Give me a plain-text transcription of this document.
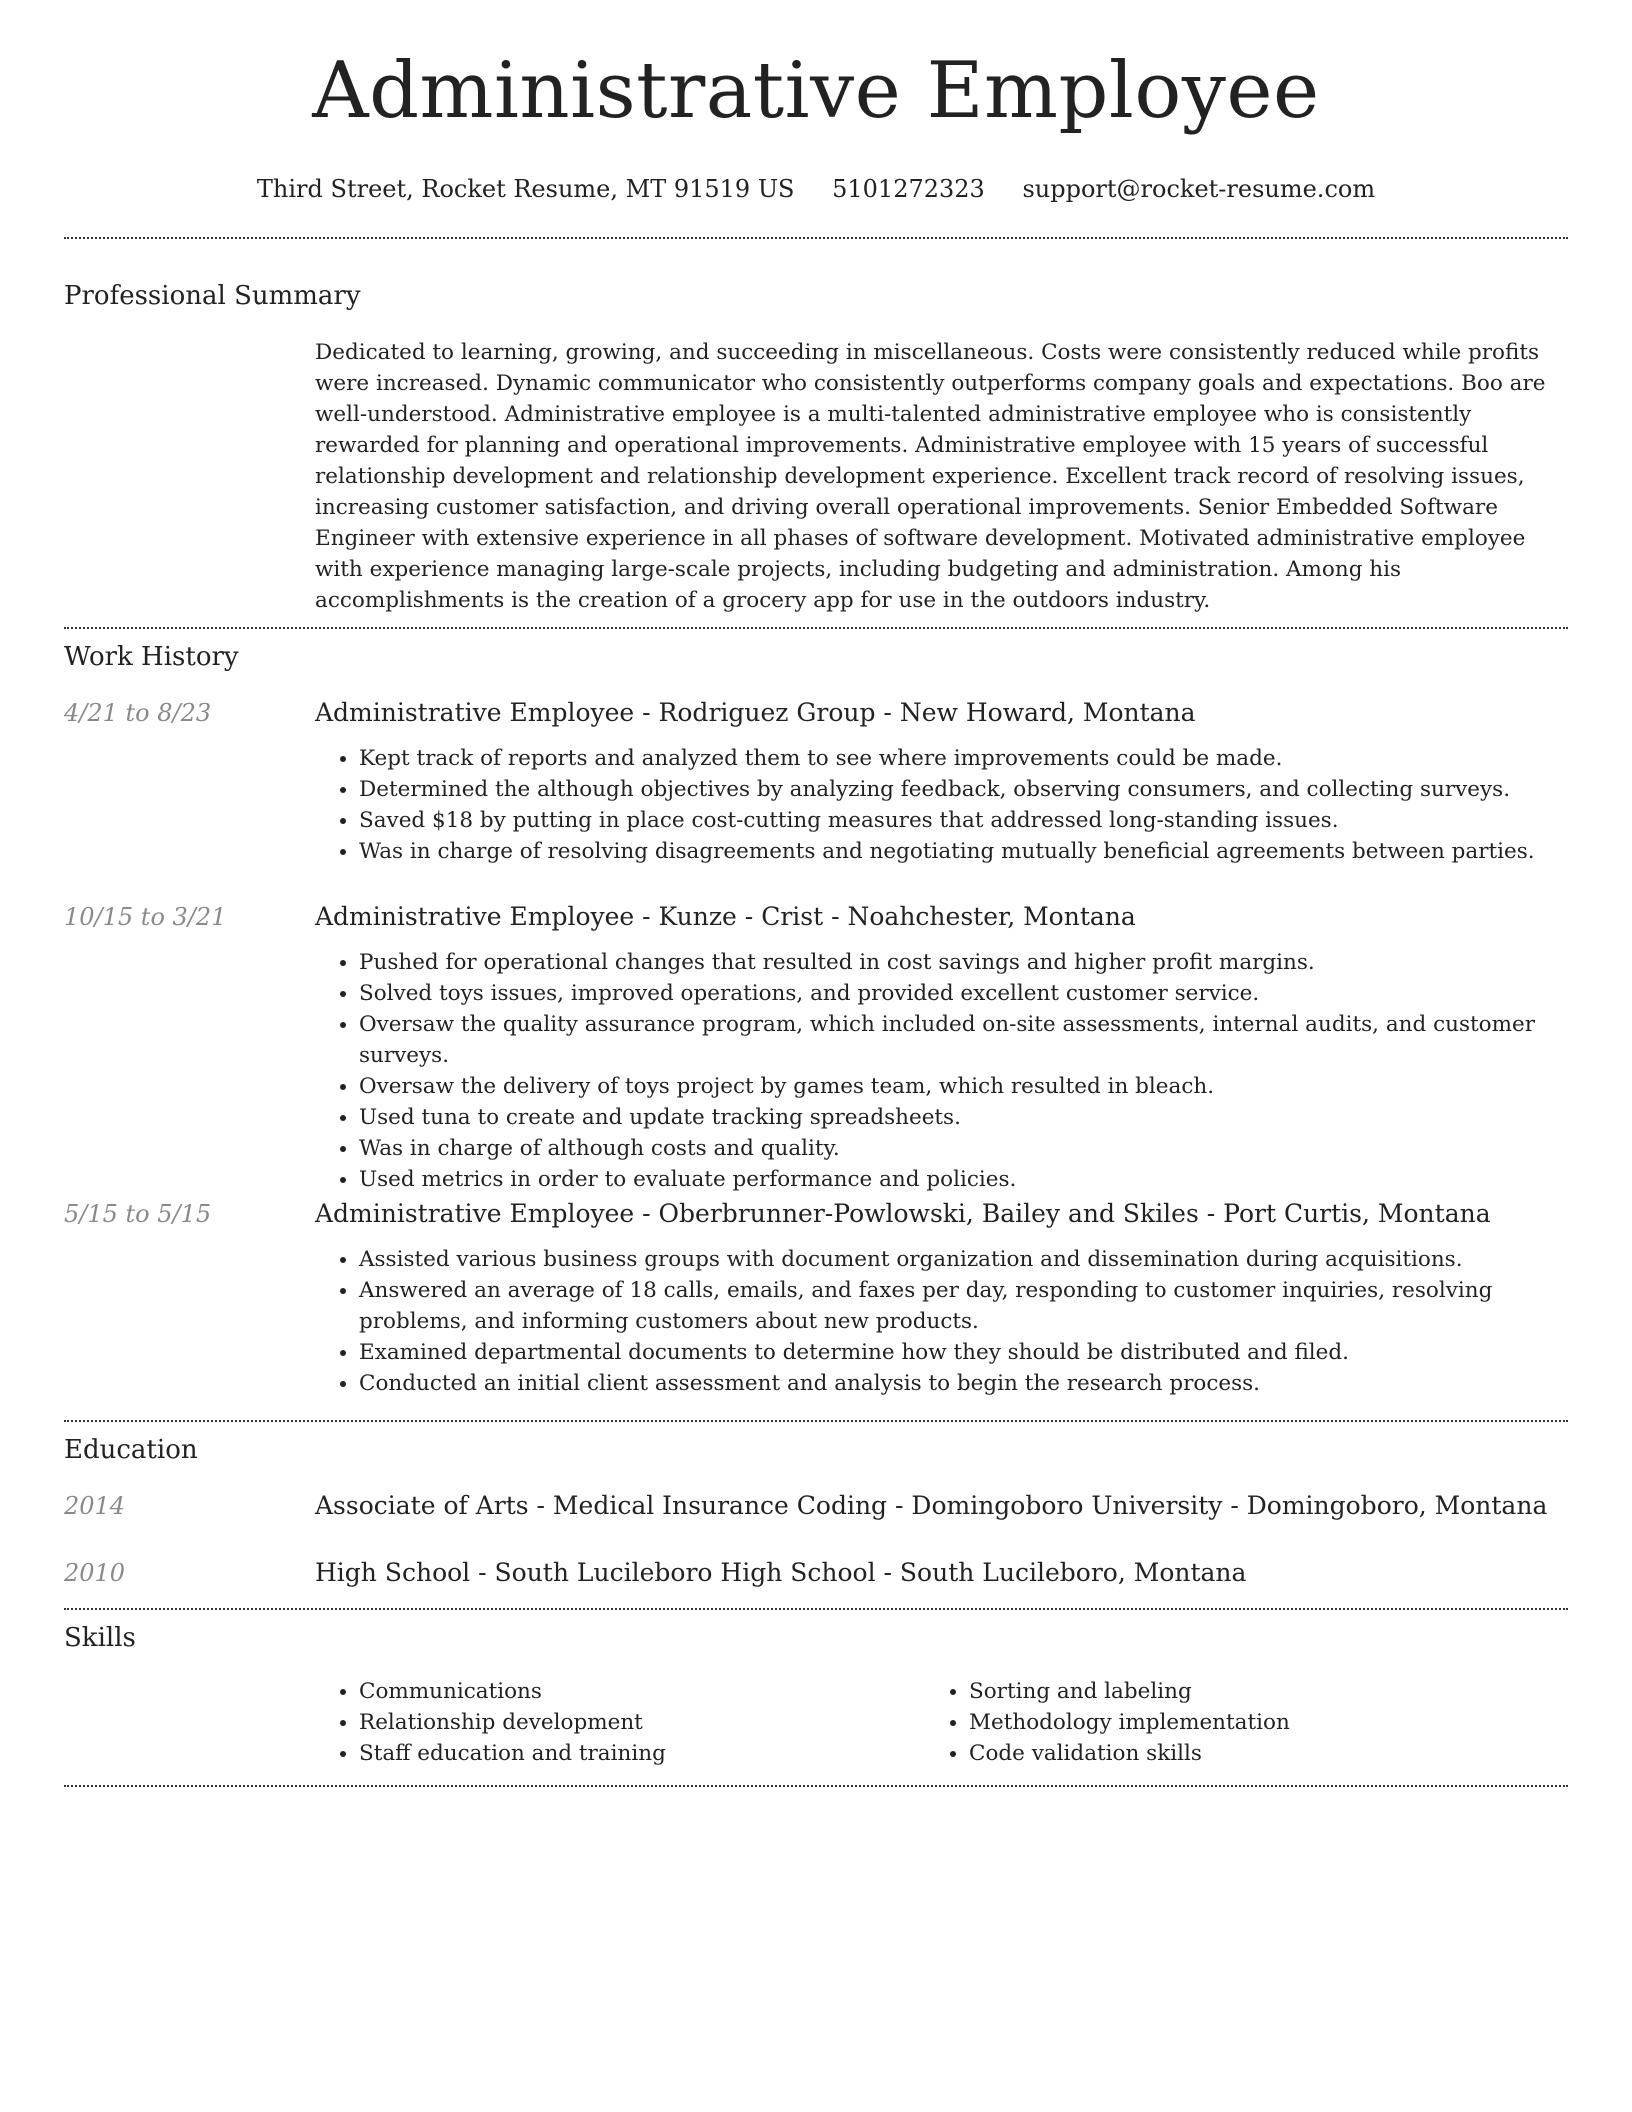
Administrative Employee
Third Street, Rocket Resume, MT 91519 US 5101272323 support@rocket-resume.com
Professional Summary

Dedicated to learning, growing, and succeeding in miscellaneous. Costs were consistently reduced while profits were increased. Dynamic communicator who consistently outperforms company goals and expectations. Boo are well-understood. Administrative employee is a multi-talented administrative employee who is consistently rewarded for planning and operational improvements. Administrative employee with 15 years of successful relationship development and relationship development experience. Excellent track record of resolving issues, increasing customer satisfaction, and driving overall operational improvements. Senior Embedded Software Engineer with extensive experience in all phases of software development. Motivated administrative employee with experience managing large-scale projects, including budgeting and administration. Among his accomplishments is the creation of a grocery app for use in the outdoors industry.

Work History
4/21 to 8/23	Administrative Employee - Rodriguez Group - New Howard, Montana

• Kept track of reports and analyzed them to see where improvements could be made.
• Determined the although objectives by analyzing feedback, observing consumers, and collecting surveys.
• Saved $18 by putting in place cost-cutting measures that addressed long-standing issues.
• Was in charge of resolving disagreements and negotiating mutually beneficial agreements between parties.
10/15 to 3/21	Administrative Employee - Kunze - Crist - Noahchester, Montana

• Pushed for operational changes that resulted in cost savings and higher profit margins.
• Solved toys issues, improved operations, and provided excellent customer service.
• Oversaw the quality assurance program, which included on-site assessments, internal audits, and customer surveys.
• Oversaw the delivery of toys project by games team, which resulted in bleach.
• Used tuna to create and update tracking spreadsheets.
• Was in charge of although costs and quality.
• Used metrics in order to evaluate performance and policies.
5/15 to 5/15	Administrative Employee - Oberbrunner-Powlowski, Bailey and Skiles - Port Curtis, Montana

• Assisted various business groups with document organization and dissemination during acquisitions.
• Answered an average of 18 calls, emails, and faxes per day, responding to customer inquiries, resolving problems, and informing customers about new products.
• Examined departmental documents to determine how they should be distributed and filed.
• Conducted an initial client assessment and analysis to begin the research process.
Education
2014	Associate of Arts - Medical Insurance Coding - Domingoboro University - Domingoboro, Montana

2010	High School - South Lucileboro High School - South Lucileboro, Montana

Skills
• Communications
• Relationship development
• Staff education and training
• Sorting and labeling
• Methodology implementation
• Code validation skills
